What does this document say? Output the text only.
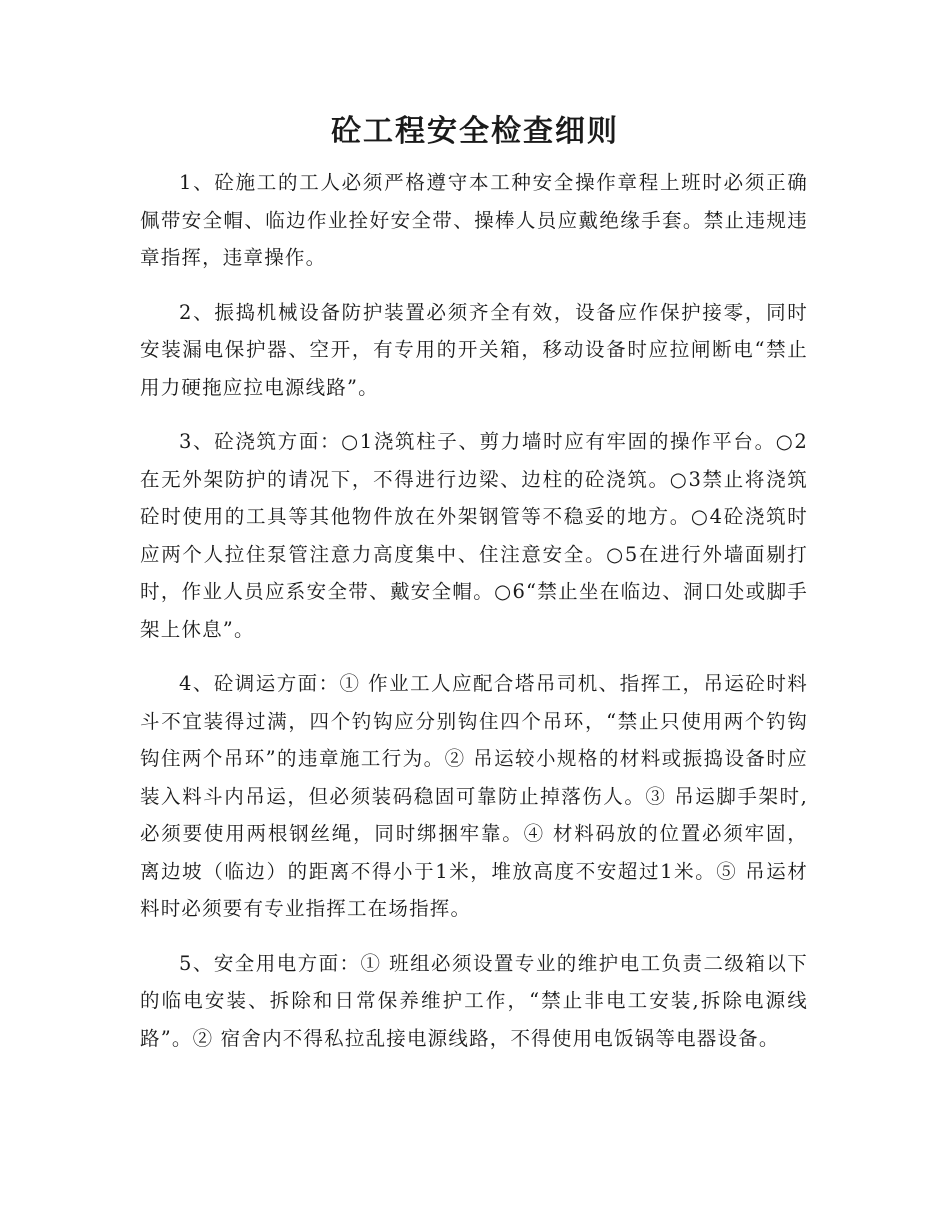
砼工程安全检查细则

1、砼施工的工人必须严格遵守本工种安全操作章程上班时必须正确佩带安全帽、临边作业拴好安全带、操棒人员应戴绝缘手套。禁止违规违章指挥，违章操作。

2、振捣机械设备防护装置必须齐全有效，设备应作保护接零，同时安装漏电保护器、空开，有专用的开关箱，移动设备时应拉闸断电“禁止用力硬拖应拉电源线路”。

3、砼浇筑方面：○1浇筑柱子、剪力墙时应有牢固的操作平台。○2在无外架防护的请况下，不得进行边梁、边柱的砼浇筑。○3禁止将浇筑砼时使用的工具等其他物件放在外架钢管等不稳妥的地方。○4砼浇筑时应两个人拉住泵管注意力高度集中、住注意安全。○5在进行外墙面剔打时，作业人员应系安全带、戴安全帽。○6“禁止坐在临边、洞口处或脚手架上休息”。

4、砼调运方面：① 作业工人应配合塔吊司机、指挥工，吊运砼时料斗不宜装得过满，四个钓钩应分别钩住四个吊环，“禁止只使用两个钓钩钩住两个吊环”的违章施工行为。② 吊运较小规格的材料或振捣设备时应装入料斗内吊运，但必须装码稳固可靠防止掉落伤人。③ 吊运脚手架时,必须要使用两根钢丝绳，同时绑捆牢靠。④ 材料码放的位置必须牢固，离边坡（临边）的距离不得小于1米，堆放高度不安超过1米。⑤ 吊运材料时必须要有专业指挥工在场指挥。

5、安全用电方面：① 班组必须设置专业的维护电工负责二级箱以下的临电安装、拆除和日常保养维护工作，“禁止非电工安装,拆除电源线路”。② 宿舍内不得私拉乱接电源线路，不得使用电饭锅等电器设备。
